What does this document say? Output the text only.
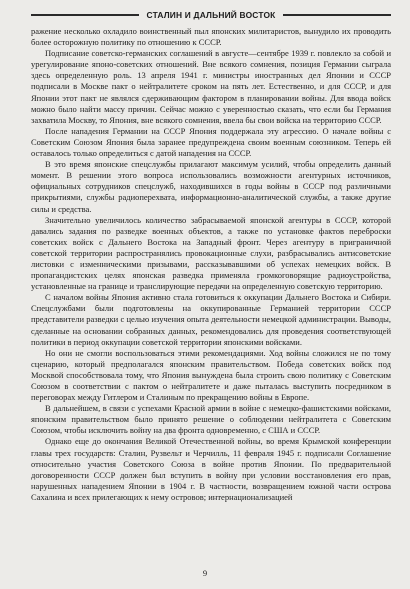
СТАЛИН И ДАЛЬНИЙ ВОСТОК

ражение несколько охладило воинственный пыл японских милитаристов, вынудило их проводить более осторожную политику по отношению к СССР.

Подписание советско-германских соглашений в августе—сентябре 1939 г. повлекло за собой и урегулирование японо-советских отношений. Вне всякого сомнения, позиция Германии сыграла здесь определенную роль. 13 апреля 1941 г. министры иностранных дел Японии и СССР подписали в Москве пакт о нейтралитете сроком на пять лет. Естественно, и для СССР, и для Японии этот пакт не являлся сдерживающим фактором в планировании войны. Для ввода войск можно было найти массу причин. Сейчас можно с уверенностью сказать, что если бы Германия захватила Москву, то Япония, вне всякого сомнения, ввела бы свои войска на территорию СССР.

После нападения Германии на СССР Япония поддержала эту агрессию. О начале войны с Советским Союзом Япония была заранее предупреждена своим военным союзником. Теперь ей оставалось только определиться с датой нападения на СССР.

В это время японские спецслужбы прилагают максимум усилий, чтобы определить данный момент. В решении этого вопроса использовались возможности агентурных источников, официальных сотрудников спецслужб, находившихся в годы войны в СССР под различными прикрытиями, службы радиоперехвата, информационно-аналитической службы, а также другие силы и средства.

Значительно увеличилось количество забрасываемой японской агентуры в СССР, которой давались задания по разведке военных объектов, а также по установке фактов переброски советских войск с Дальнего Востока на Западный фронт. Через агентуру в приграничной советской территории распространялись провокационные слухи, разбрасывались антисоветские листовки с изменническими призывами, рассказывавшими об успехах немецких войск. В пропагандистских целях японская разведка применяла громкоговорящие радиоустройства, установленные на границе и транслирующие передачи на определенную советскую территорию.

С началом войны Япония активно стала готовиться к оккупации Дальнего Востока и Сибири. Спецслужбами были подготовлены на оккупированные Германией территории СССР представители разведки с целью изучения опыта деятельности немецкой администрации. Выводы, сделанные на основании собранных данных, рекомендовались для проведения соответствующей политики в период оккупации советской территории японскими войсками.

Но они не смогли воспользоваться этими рекомендациями. Ход войны сложился не по тому сценарию, который предполагался японским правительством. Победа советских войск под Москвой способствовала тому, что Япония вынуждена была строить свою политику с Советским Союзом в соответствии с пактом о нейтралитете и даже пыталась выступить посредником в переговорах между Гитлером и Сталиным по прекращению войны в Европе.

В дальнейшем, в связи с успехами Красной армии в войне с немецко-фашистскими войсками, японским правительством было принято решение о соблюдении нейтралитета с Советским Союзом, чтобы исключить войну на два фронта одновременно, с США и СССР.

Однако еще до окончания Великой Отечественной войны, во время Крымской конференции главы трех государств: Сталин, Рузвельт и Черчилль, 11 февраля 1945 г. подписали Соглашение относительно участия Советского Союза в войне против Японии. По предварительной договоренности СССР должен был вступить в войну при условии восстановления его прав, нарушенных нападением Японии в 1904 г. В частности, возвращением южной части острова Сахалина и всех прилегающих к нему островов; интернационализацией

9
